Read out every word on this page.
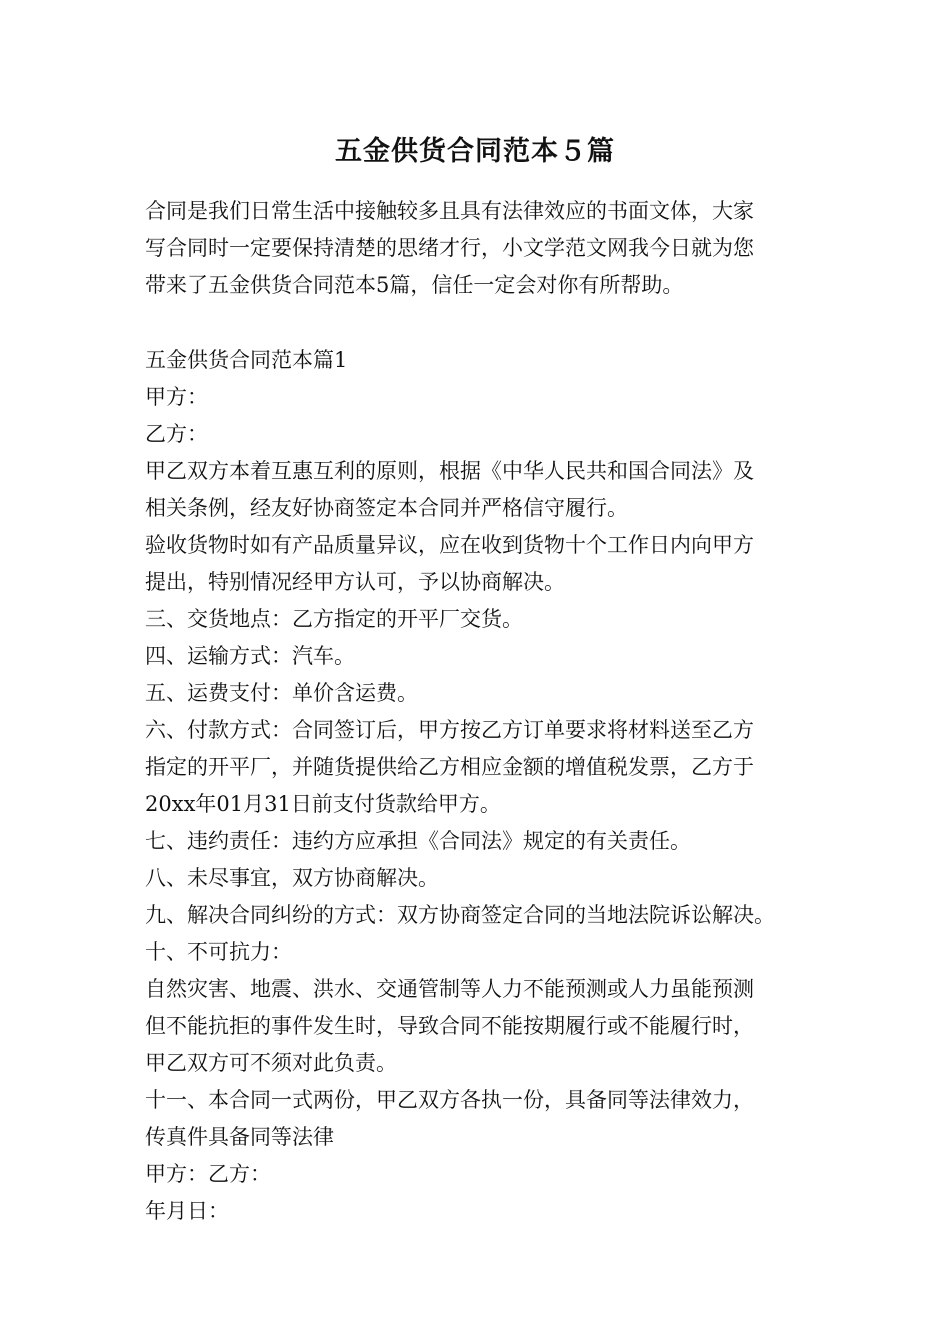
五金供货合同范本５篇

合同是我们日常生活中接触较多且具有法律效应的书面文体，大家

写合同时一定要保持清楚的思绪才行，小文学范文网我今日就为您

带来了五金供货合同范本5篇，信任一定会对你有所帮助。

五金供货合同范本篇1

甲方：

乙方：

甲乙双方本着互惠互利的原则，根据《中华人民共和国合同法》及

相关条例，经友好协商签定本合同并严格信守履行。

验收货物时如有产品质量异议，应在收到货物十个工作日内向甲方

提出，特别情况经甲方认可，予以协商解决。

三、交货地点：乙方指定的开平厂交货。

四、运输方式：汽车。

五、运费支付：单价含运费。

六、付款方式：合同签订后，甲方按乙方订单要求将材料送至乙方

指定的开平厂，并随货提供给乙方相应金额的增值税发票，乙方于

20xx年01月31日前支付货款给甲方。

七、违约责任：违约方应承担《合同法》规定的有关责任。

八、未尽事宜，双方协商解决。

九、解决合同纠纷的方式：双方协商签定合同的当地法院诉讼解决。

十、不可抗力：

自然灾害、地震、洪水、交通管制等人力不能预测或人力虽能预测

但不能抗拒的事件发生时，导致合同不能按期履行或不能履行时，

甲乙双方可不须对此负责。

十一、本合同一式两份，甲乙双方各执一份，具备同等法律效力，

传真件具备同等法律

甲方：乙方：

年月日：
